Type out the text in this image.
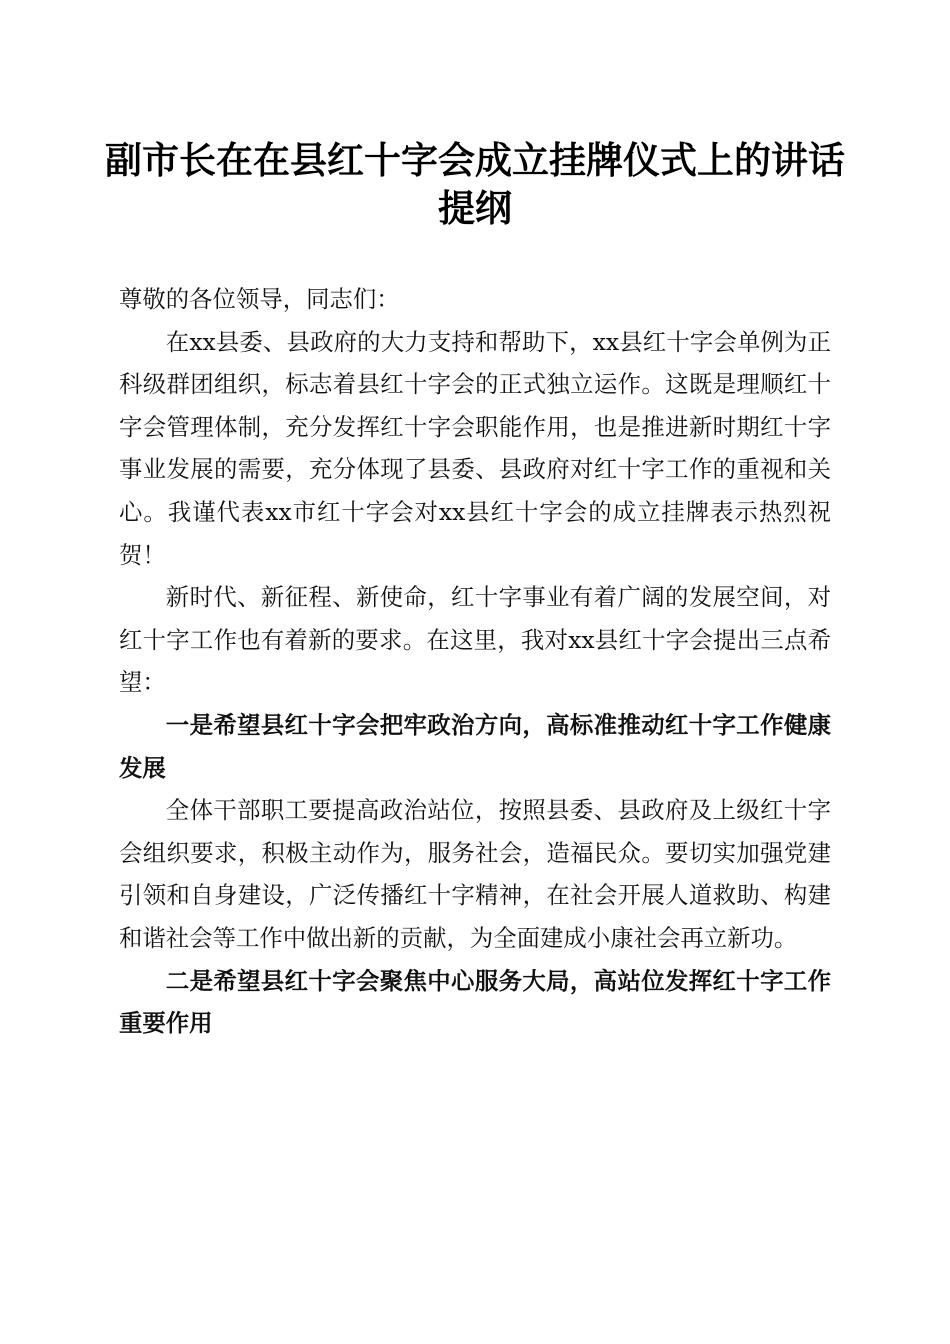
副市长在在县红十字会成立挂牌仪式上的讲话提纲

尊敬的各位领导，同志们：

在xx县委、县政府的大力支持和帮助下，xx县红十字会单例为正科级群团组织，标志着县红十字会的正式独立运作。这既是理顺红十字会管理体制，充分发挥红十字会职能作用，也是推进新时期红十字事业发展的需要，充分体现了县委、县政府对红十字工作的重视和关心。我谨代表xx市红十字会对xx县红十字会的成立挂牌表示热烈祝贺！

新时代、新征程、新使命，红十字事业有着广阔的发展空间，对红十字工作也有着新的要求。在这里，我对xx县红十字会提出三点希望：

一是希望县红十字会把牢政治方向，高标准推动红十字工作健康发展

全体干部职工要提高政治站位，按照县委、县政府及上级红十字会组织要求，积极主动作为，服务社会，造福民众。要切实加强党建引领和自身建设，广泛传播红十字精神，在社会开展人道救助、构建和谐社会等工作中做出新的贡献，为全面建成小康社会再立新功。

二是希望县红十字会聚焦中心服务大局，高站位发挥红十字工作重要作用
